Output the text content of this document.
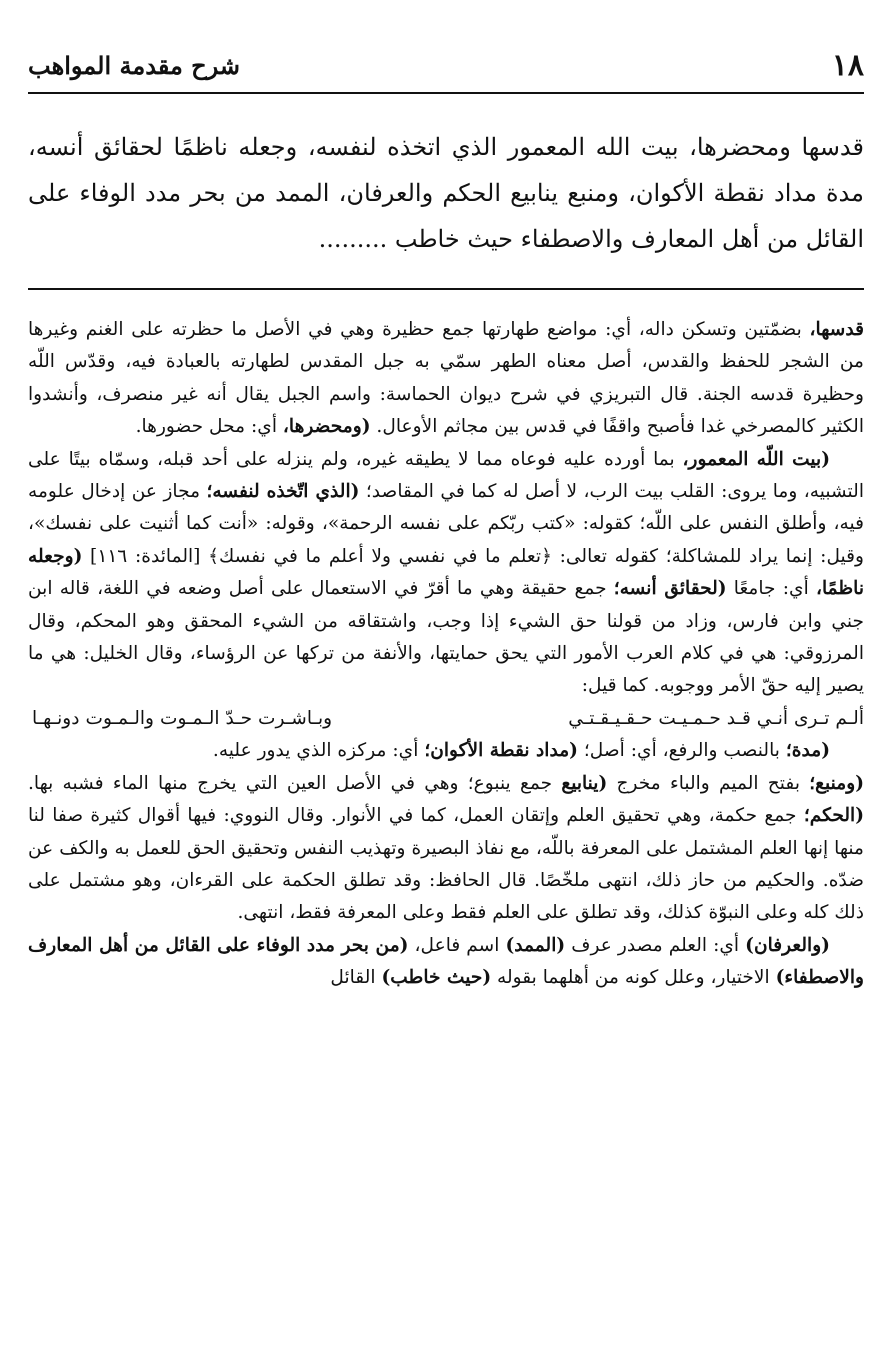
١٨
شرح مقدمة المواهب

قدسها ومحضرها، بيت الله المعمور الذي اتخذه لنفسه، وجعله ناظمًا لحقائق أنسه، مدة مداد نقطة الأكوان، ومنبع ينابيع الحكم والعرفان، الممد من بحر مدد الوفاء على القائل من أهل المعارف والاصطفاء حيث خاطب .........

قدسها، بضمّتين وتسكن داله، أي: مواضع طهارتها جمع حظيرة وهي في الأصل ما حظرته على الغنم وغيرها من الشجر للحفظ والقدس، أصل معناه الطهر سمّي به جبل المقدس لطهارته بالعبادة فيه، وقدّس اللّه وحظيرة قدسه الجنة. قال التبريزي في شرح ديوان الحماسة: واسم الجبل يقال أنه غير منصرف، وأنشدوا الكثير كالمصرخي غدا فأصبح واقفًا في قدس بين مجاثم الأوعال. (ومحضرها، أي: محل حضورها.

(بيت اللّه المعمور، بما أورده عليه فوعاه مما لا يطيقه غيره، ولم ينزله على أحد قبله، وسمّاه بيتًا على التشبيه، وما يروى: القلب بيت الرب، لا أصل له كما في المقاصد؛ (الذي اتّخذه لنفسه؛ مجاز عن إدخال علومه فيه، وأطلق النفس على اللّه؛ كقوله: «كتب ربّكم على نفسه الرحمة»، وقوله: «أنت كما أثنيت على نفسك»، وقيل: إنما يراد للمشاكلة؛ كقوله تعالى: ﴿تعلم ما في نفسي ولا أعلم ما في نفسك﴾ [المائدة: ١١٦] (وجعله ناظمًا، أي: جامعًا (لحقائق أنسه؛ جمع حقيقة وهي ما أقرّ في الاستعمال على أصل وضعه في اللغة، قاله ابن جني وابن فارس، وزاد من قولنا حق الشيء إذا وجب، واشتقاقه من الشيء المحقق وهو المحكم، وقال المرزوقي: هي في كلام العرب الأمور التي يحق حمايتها، والأنفة من تركها عن الرؤساء، وقال الخليل: هي ما يصير إليه حقّ الأمر ووجوبه. كما قيل:

ألـم تـرى أنـي قـد حـمـيـت حـقـيـقـتـي
وبـاشـرت حـدّ الـمـوت والـمـوت دونـهـا

(مدة؛ بالنصب والرفع، أي: أصل؛ (مداد نقطة الأكوان؛ أي: مركزه الذي يدور عليه.

(ومنبع؛ بفتح الميم والباء مخرج (ينابيع جمع ينبوع؛ وهي في الأصل العين التي يخرج منها الماء فشبه بها. (الحكم؛ جمع حكمة، وهي تحقيق العلم وإتقان العمل، كما في الأنوار. وقال النووي: فيها أقوال كثيرة صفا لنا منها إنها العلم المشتمل على المعرفة باللّه، مع نفاذ البصيرة وتهذيب النفس وتحقيق الحق للعمل به والكف عن ضدّه. والحكيم من حاز ذلك، انتهى ملخّصًا. قال الحافظ: وقد تطلق الحكمة على القرءان، وهو مشتمل على ذلك كله وعلى النبوّة كذلك، وقد تطلق على العلم فقط وعلى المعرفة فقط، انتهى.

(والعرفان) أي: العلم مصدر عرف (الممد) اسم فاعل، (من بحر مدد الوفاء على القائل من أهل المعارف والاصطفاء) الاختيار، وعلل كونه من أهلهما بقوله (حيث خاطب) القائل
